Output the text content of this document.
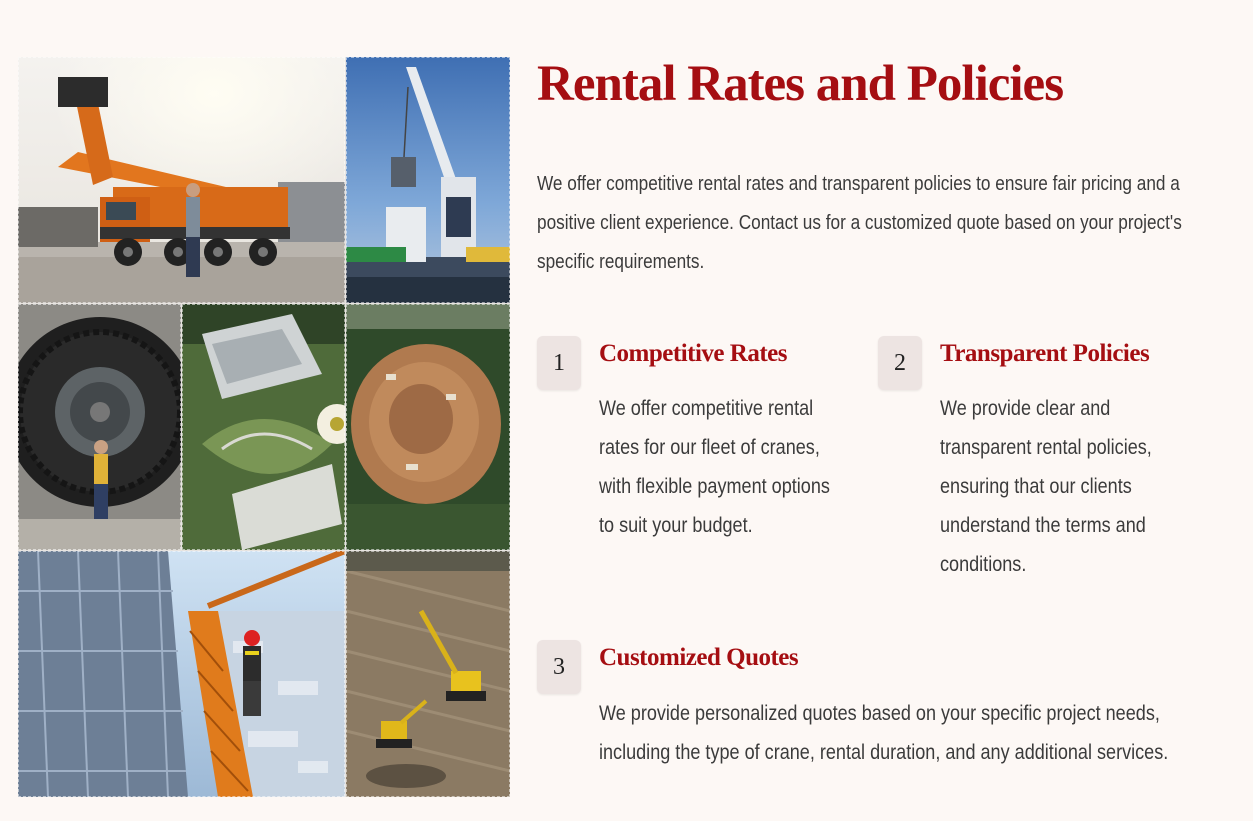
Rental Rates and Policies

We offer competitive rental rates and transparent policies to ensure fair pricing and a positive client experience. Contact us for a customized quote based on your project's specific requirements.

1	Competitive Rates

We offer competitive rental rates for our fleet of cranes, with flexible payment options to suit your budget.

2	Transparent Policies

We provide clear and transparent rental policies, ensuring that our clients understand the terms and conditions.

3	Customized Quotes

We provide personalized quotes based on your specific project needs, including the type of crane, rental duration, and any additional services.
